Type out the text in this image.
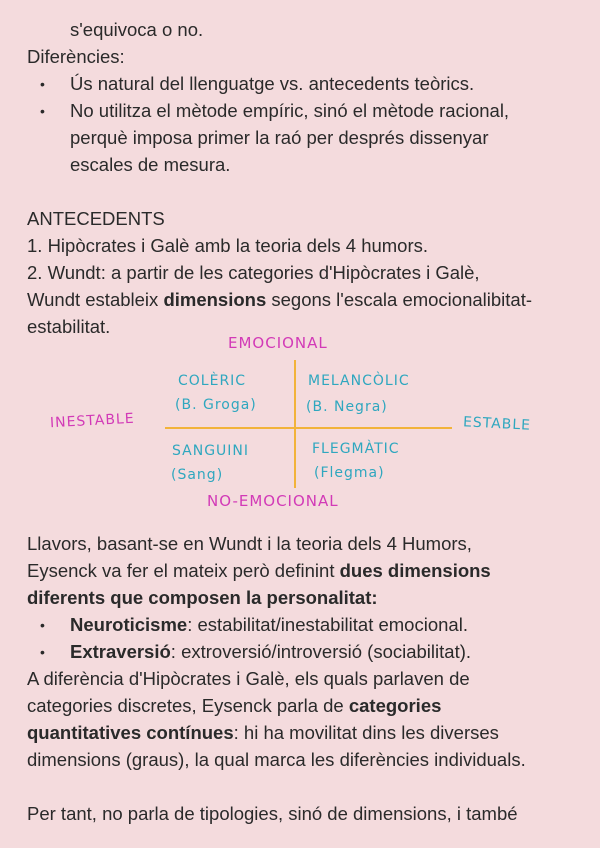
s'equivoca o no.
Diferències:
• Ús natural del llenguatge vs. antecedents teòrics.
• No utilitza el mètode empíric, sinó el mètode racional,
perquè imposa primer la raó per després dissenyar
escales de mesura.
ANTECEDENTS
1. Hipòcrates i Galè amb la teoria dels 4 humors.
2. Wundt: a partir de les categories d'Hipòcrates i Galè,
Wundt estableix dimensions segons l'escala emocionalibitat-
estabilitat.
EMOCIONAL
NO-EMOCIONAL
INESTABLE	ESTABLE
COLÈRIC
(B. Groga)
MELANCÒLIC
(B. Negra)
SANGUINI
(Sang)
FLEGMÀTIC
(Flegma)
Llavors, basant-se en Wundt i la teoria dels 4 Humors,
Eysenck va fer el mateix però definint dues dimensions
diferents que composen la personalitat:
• Neuroticisme: estabilitat/inestabilitat emocional.
• Extraversió: extroversió/introversió (sociabilitat).
A diferència d'Hipòcrates i Galè, els quals parlaven de
categories discretes, Eysenck parla de categories
quantitatives contínues: hi ha movilitat dins les diverses
dimensions (graus), la qual marca les diferències individuals.
Per tant, no parla de tipologies, sinó de dimensions, i també
